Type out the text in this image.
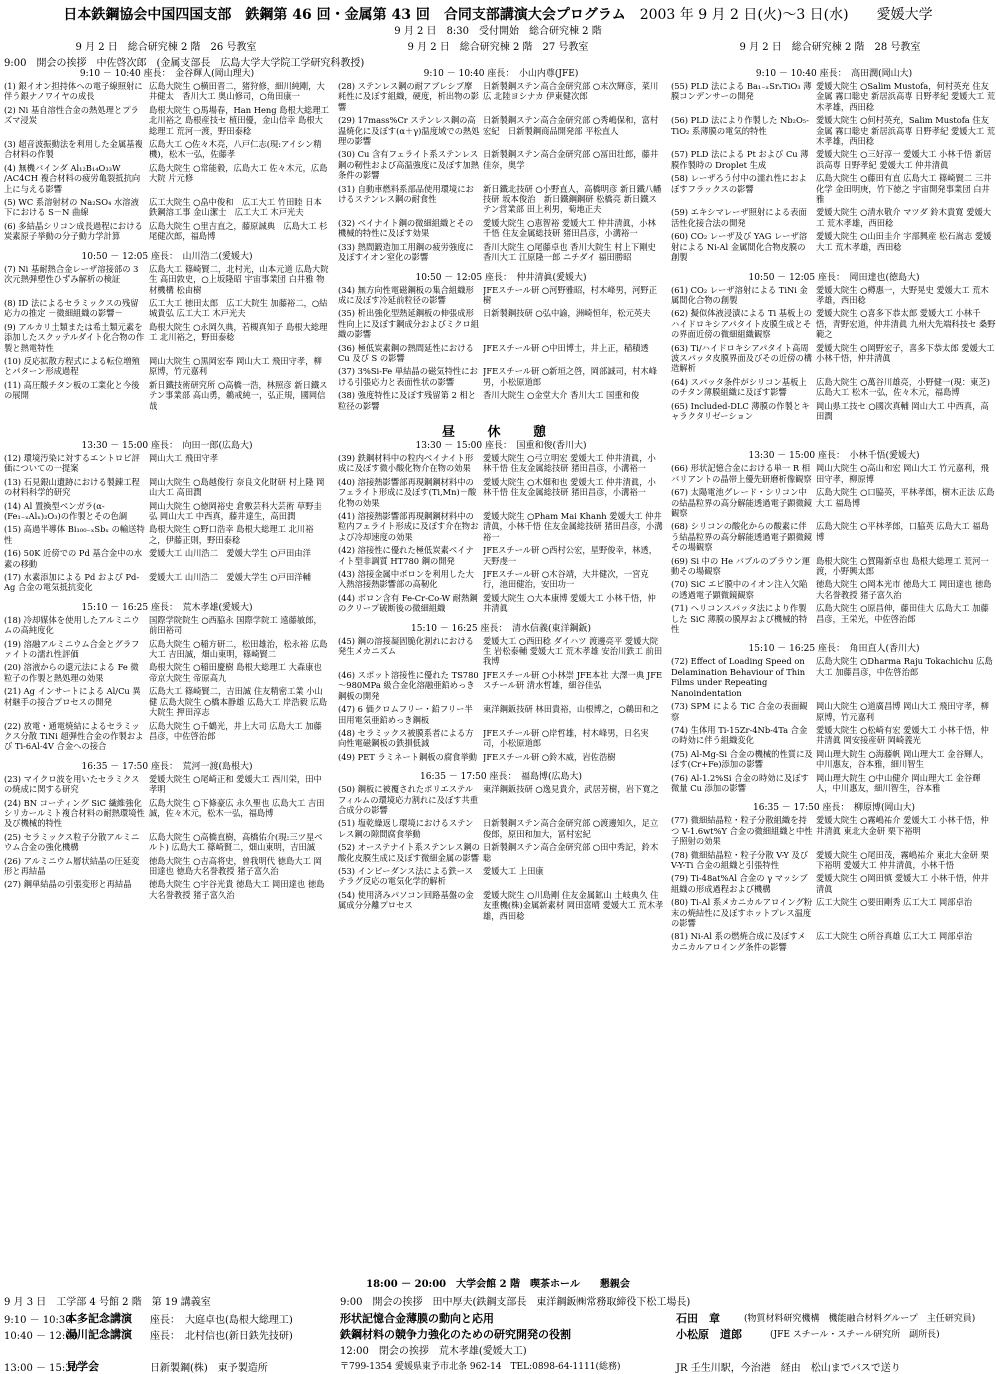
日本鉄鋼協会中国四国支部　鉄鋼第 46 回・金属第 43 回　合同支部講演大会プログラム　 2003 年 9 月 2 日(火)～3 日(水)　　愛媛大学
9 月 2 日　8:30　受付開始　総合研究棟 2 階
9 月 2 日　総合研究棟 2 階　26 号教室	9 月 2 日　総合研究棟 2 階　27 号教室	9 月 2 日　総合研究棟 2 階　28 号教室
9:00　開会の挨拶　中佐啓次郎　(金属支部長　広島大学大学院工学研究科教授)
9:10 － 10:40 座長：　金谷輝人(岡山理大)
(1) 銀イオン担持体への電子線照射に伴う銀ナノワイヤの成長
広島大院生 ○横田晋二，猪狩修，細川純剛，大井健太　香川大工 奥山修司，○角田康一
(2) Ni 基自溶性合金の熱処理とプラズマ浸炭
島根大院生 ○馬場春，Han Heng 島根大総理工 北川裕之 島根産技セ 植田優，金山信幸 島根大総理工 荒河一渡，野田泰稔
(3) 超音波振動法を利用した金属基複合材料の作製
広島大工 ○佐々木亮，八戸仁志(現:アイシン精機)，松木一弘，佐藤孝
(4) 無機バインダ Al₁₂B₁₄O₃₃W /AC4CH 複合材料の疲労亀裂抵抗向上に与える影響
広島大院生 ○常能毅，広島大工 佐々木元，広島大院 片元修
(5) WC 系溶射材の Na₂SO₄ 水溶液下における S－N 曲線
広工大院生 ○畠中俊和　広工大工 竹田睦 日本鉄鋼溶工事 金山潔士　広工大工 木戸光夫
(6) 多結晶シリコン成長過程における炭素原子挙動の分子動力学計算
広島大院生 ○里吉直之，藤原誠典　広島大工 杉尾健次郎，福島博
10:50 － 12:05 座長：　山川浩二(愛媛大)
(7) Ni 基耐熱合金レーザ溶接部の 3 次元熱弾塑性ひずみ解析の検証
広島大工 篠崎賢二，北村光，山本元道 広島大院生 高田敦史，○上坂隆昭 宇宙事業団 白井雅 物材機構 松由樹
(8) ID 法によるセラミックスの残留応力の推定 －微細組織の影響－
広工大工 徳田太郎　広工大院生 加藤裕二，○結城貴弘 広工大工 木戸光夫
(9) アルカリ土類または希土類元素を添加したスクッテルダイト化合物の作製と熱電特性
島根大院生 ○永岡久典，若槻真知子 島根大総理工 北川裕之，野田泰稔
(10) 反応拡散方程式による転位増殖とパターン形成過程
岡山大院生 ○黒岡宏奉 岡山大工 飛田守孝，柳原博，竹元嘉利
(11) 高圧酸チタン板の工業化と今後の展開
新日鐵技術研究所 ○高橋一浩，林照彦 新日鐵ステン事業部 高山勇，鵜戒純一，弘正規，國岡信哉
13:30 － 15:00 座長：　向田一郎(広島大)
(12) 環境汚染に対するエントロピ評価についての一提案
岡山大工 飛田守孝
(13) 石見銀山遺跡における製錬工程の材料科学的研究
岡山大院生 ○島越俊行 奈良文化財研 村上隆 岡山大工 高田潤
(14) Al 置換型ベンガラ(α-(Fe₁₋ₓAlₓ)₂O₃)の作製とその色調
岡山大院生 ○徳岡裕史 倉敷芸科大芸術 草野圭弘 岡山大工 中西真，藤井達生，高田潤
(15) 高過半導体 Bi₁₀₀₋ₓSbₓ の輸送特性
島根大院生 ○野口浩幸 島根大総理工 北川裕之，伊藤正則，野田泰稔
(16) 50K 近傍での Pd 基合金中の水素の移動
愛媛大工 山川浩二　愛媛大学生 ○戸田由洋
(17) 水素添加による Pd および Pd-Ag 合金の電気抵抗変化
愛媛大工 山川浩二　愛媛大学生 ○戸田洋輔
15:10 － 16:25 座長：　荒木孝雄(愛媛大)
(18) 冷却媒体を使用したアルミニウムの高純度化
国際学院院生 ○西脇永 国際学院工 遠藤敏郎，前田裕司
(19) 溶融アルミニウム合金とグラファイトの濡れ性評価
広島大院生 ○稲方研二，松田雄治，松永裕 広島大工 吉田誠，畑山東明，篠崎賢二
(20) 溶液からの還元法による Fe 微粒子の作製と熱処理の効果
島根大院生 ○稲田慶樹 島根大総理工 大森康也 帝京大院生 帝原高九
(21) Ag インサートによる Al/Cu 異材継手の接合プロセスの開発
広島大工 篠崎賢二，吉田誠 住友精密工業 小山健 広島大院生 ○橋本静雄 広島大工 岸浩毅 広島大院生 押田淳志
(22) 放電・通電焼結によるセラミックス分散 TiNi 超弾性合金の作製および Ti-6Al-4V 合金への接合
広島大院生 ○千鶴光，井上大司 広島大工 加藤昌彦，中佐啓治郎
16:35 － 17:50 座長：　荒河一渡(島根大)
(23) マイクロ波を用いたセラミクスの焼成に関する研究
愛媛大院生 ○尾崎正和 愛媛大工 西川栄，田中孝明
(24) BN コーティング SiC 繊維強化シリカールミト複合材料の耐熱環境性及び機械的特性
広島大院生 ○下條豪広 永久聖也 広島大工 吉田誠，佐々木元，松木一弘，福島博
(25) セラミックス粒子分散アルミニウム合金の強化機構
広島大院生 ○高橋直樹，高橋佑介(現:三ツ星ベルト) 広島大工 篠崎賢二，畑山東明，吉田誠
(26) アルミニウム層状結晶の圧延変形と再結晶
徳島大院生 ○吉高将史，曽我明代 徳島大工 岡田達也 徳島大名誉教授 猪子富久治
(27) 鋼単結晶の引張変形と再結晶	徳島大院生 ○宇谷光貴 徳島大工 岡田達也 徳島大名誉教授 猪子富久治
9:10 － 10:40 座長：　小山内尊(JFE)
(28) ステンレス鋼の耐アブレシブ摩耗性に及ぼす組織，硬度，析出物の影響
日新製鋼ステン高合金研究部 ○末次輝彦，菜川広 北陸ヨシナカ 伊東健次郎
(29) 17mass%Cr ステンレス鋼の高温焼化に及ぼす(α＋γ)温度域での熱処理の影響
日新製鋼ステン高合金研究部 ○秀嶋保和，富村宏紀　日新製鋼商品開発部 平松直人
(30) Cu 含有フェライト系ステンレス鋼の靭性および高温強度に及ぼす加熱条件の影響
日新製鋼ステン高合金研究部 ○冨田壮郎，藤井佳奈，奥学
(31) 自動車燃料系部品使用環境におけるステンレス鋼の耐食性
新日鐵北技研 ○小野直人，高橋明彦 新日鐵八幡技研 坂本俊治　新日鐵鋼鋼研 松橋亮 新日鐵ステン営業部 田上利男，菊地正夫
(32) ベイナイト鋼の微細組織とその機械的特性に及ぼす効果
愛媛大院生 ○恵智裕 愛媛大工 仲井清眞，小林千悟 住友金属総技研 猪田昌彦，小溝裕一
(33) 熱間鍛造加工用鋼の疲労強度に及ぼすイオン窒化の影響
香川大院生 ○尾藤卓也 香川大院生 村上下剛史 香川大工 江原隆一郎 ニチダイ 福田勝昭
10:50 － 12:05 座長：　仲井清眞(愛媛大)
(34) 無方向性電磁鋼板の集合組織形成に及ぼす冷延前粒径の影響
JFEスチール研 ○河野雅昭，村木峰男，河野正樹
(35) 析出強化型熱延鋼板の伸張成形性向上に及ぼす鋼成分およびミクロ組織の影響
日新製鋼技研 ○弘中諭，洲崎恒年，松元英夫
(36) 極低炭素鋼の熱間延性における Cu 及び S の影響
JFEスチール研 ○中田博士，井上正，稲積透
(37) 3%Si-Fe 単結晶の磁気特性における引張応力と表面性状の影響
JFEスチール研 ○新垣之啓，岡部誠司，村木峰男，小松原道郎
(38) 強度特性に及ぼす残留第 2 相と粒径の影響
香川大院生 ○金堂大介 香川大工 国重和俊
昼 休 憩
13:30 － 15:00 座長：　国重和俊(香川大)
(39) 鉄鋼材料中の粒内ベイナイト形成に及ぼす微小酸化物介在物の効果
愛媛大院生 ○弓立明宏 愛媛大工 仲井清眞，小林千悟 住友金属総技研 猪田昌彦，小溝裕一
(40) 溶接熱影響部再現鋼鋼材料中のフェライト形成に及ぼす(Ti,Mn)－酸化物の効果
愛媛大院生 ○木畑和也 愛媛大工 仲井清眞，小林千悟 住友金属総技研 猪田昌彦，小溝裕一
(41) 溶接熱影響部再現鋼鋼材料中の粒内フェライト形成に及ぼす介在物および冷却速度の効果
愛媛大院生 ○Pham Mai Khanh 愛媛大工 仲井清眞，小林千悟 住友金属総技研 猪田昌彦，小溝裕一
(42) 溶接性に優れた極低炭素ベイナイト型非調質 HT780 鋼の開発
JFEスチール研 ○西村公宏，星野俊幸，林透，天野虔一
(43) 溶接金属中ボロンを利用した大入熱溶接熱影響部の高靭化
JFEスチール研 ○木谷靖，大井健次，一宮克行，池田健治，安田功一
(44) ボロン含有 Fe-Cr-Co-W 耐熱鋼のクリープ破断後の微細組織
愛媛大院生 ○大本康博 愛媛大工 小林千悟，仲井清眞
15:10 － 16:25 座長：　清水信義(東洋鋼鈑)
(45) 鋼の溶接凝固脆化割れにおける発生メカニズム
愛媛大工 ○西田稔 ダイハツ 渡邊亮平 愛媛大院生 岩松泰輔 愛媛大工 荒木孝雄 安治川鉄工 前田我博
(46) スポット溶接性に優れた TS780～980MPa 級合金化溶融亜鉛めっき鋼板の開発
JFEスチール研 ○小林崇 JFE本社 大澤一典 JFEスチール研 清水哲雄，細谷佳弘
(47) 6 価クロムフリー・鉛フリー半田用電気亜鉛めっき鋼板
東洋鋼鈑技研 林田貴裕，山根博之，○鵜田和之
(48) セラミックス被膜系者による方向性電磁鋼板の鉄損低減
JFEスチール研 ○岸哲雄，村木峰男，日名実司，小松原道郎
(49) PET ラミネート鋼板の腐食挙動 JFEスチール研 ○鈴木威，岩佐浩樹
16:35 － 17:50 座長：　福島博(広島大)
(50) 鋼板に被覆されたポリエステルフィルムの環境応力割れに及ぼす共重合成分の影響
東洋鋼鈑技研 ○逸見貴介，武居芳樹，岩下寛之
(51) 塩乾繰返し環境におけるステンレス鋼の隙間腐食挙動
日新製鋼ステン高合金研究部 ○渡邊知久，足立俊郎，原田和加大，冨村宏紀
(52) オーステナイト系ステンレス鋼の酸化皮膜生成に及ぼす微細金属の影響
日新製鋼ステン高合金研究部 ○田中秀記，鈴木聡
(53) インピーダンス法による鉄ーステラグ反応の電気化学的解析
愛媛大工 上田康
(54) 使用済みパソコン回路基盤の金属成分分離プロセス
愛媛大院生 ○川島剛 住友金属鉱山 土岐典久 住友重機(株)金属新素材 岡田富晴 愛媛大工 荒木孝雄，西田稔
9:10 － 10:40 座長：　高田潤(岡山大)
(55) PLD 法による Ba₁₋ₓSrₓTiO₃ 薄膜コンデンサーの開発
愛媛大院生 ○Salim Mustofa，何村英充 住友金属 霧口聡史 新居浜高専 日野孝紀 愛媛大工 荒木孝雄，西田稔
(56) PLD 法により作製した Nb₂O₅-TiO₂ 系薄膜の電気的特性
愛媛大院生 ○何村英充，Salim Mustofa 住友金属 霧口聡史 新居浜高専 日野孝紀 愛媛大工 荒木孝雄，西田稔
(57) PLD 法による Pt および Cu 薄膜作製時の Droplet 生成
愛媛大院生 ○三好淳一 愛媛大工 小林千悟 新居浜高専 日野孝紀 愛媛大工 仲井清眞
(58) レーザろう付中の濡れ性におよぼすフラックスの影響
広島大院生 ○藤田有直 広島大工 篠崎賢二 三井化学 金田明庚，竹下徳之 宇宙開発事業団 白井雅
(59) エキシマレーザ照射による表面活性化接合法の開発
愛媛大院生 ○清水敬介 マツダ 鈴木貴寛 愛媛大工 荒木孝雄，西田稔
(60) CO₂ レーザ及び YAG レーザ溶射による Ni-Al 金属間化合物皮膜の創製
愛媛大院生 ○山田圭介 宇部興産 松石嵩志 愛媛大工 荒木孝雄，西田稔
10:50 － 12:05 座長：　岡田達也(徳島大)
(61) CO₂ レーザ溶射による TiNi 金属間化合物の創製
愛媛大院生 ○樽惠一，大野晃史 愛媛大工 荒木孝雄，西田稔
(62) 擬似体液浸漬による Ti 基板上のハイドロキシアパタイト皮膜生成とその界面近傍の微細組織観察
愛媛大院生 ○喜多下恭太郎 愛媛大工 小林千悟，青野宏道，仲井清眞 九州大先端科技セ 桑野範之
(63) Ti/ハイドロキシアパタイト高周波スパッタ皮膜界面及びその近傍の構造解析
愛媛大院生 ○岡野宏子，喜多下恭太郎 愛媛大工 小林千悟，仲井清眞
(64) スパッタ条件がシリコン基板上のチタン薄膜組織に及ぼす影響
広島大院生 ○萬谷川雄亮，小野健一(現：東芝) 広島大工 松木一弘，佐々木元，福島博
(65) Included-DLC 薄膜の作製とキャラクタリゼーション
岡山県工技セ ○國次真輔 岡山大工 中西真，高田潤
13:30 － 15:00 座長：　小林千悟(愛媛大)
(66) 形状記憶合金における単一 R 相バリアントの晶帯上優先研磨析像観察
岡山大院生 ○高山和宏 岡山大工 竹元嘉利，飛田守孝，柳原博
(67) 太陽電池グレード・シリコン中の結晶粒界の高分解能透過電子顕微鏡観察
広島大院生 ○口脇英，平林孝郎，樹木正法 広島大工 福島博
(68) シリコンの酸化からの酸素に伴う結晶粒界の高分解能透過電子顕微鏡その場観察
広島大院生 ○平林孝郎，口脇英 広島大工 福島博
(69) Si 中の He バブルのブラウン運動その場観察
島根大院生 ○賀陽新卓也 島根大総理工 荒河一渡，小野興太郎
(70) SiC エピ膜中のイオン注入欠陥の透過電子顕微鏡観察
徳島大院生 ○岡本光市 徳島大工 岡田達也 徳島大名誉教授 猪子富久治
(71) ヘリコンスパッタ法により作製した SiC 薄膜の膜厚および機械的特性
広島大院生 ○原昌伸，藤田佳大 広島大工 加藤昌彦，王栄光，中佐啓治郎
15:10 － 16:25 座長：　角田直人(香川大)
(72) Effect of Loading Speed on Delamination Behaviour of Thin Films under Repeating Nanoindentation
広島大院生 ○Dharma Raju Tokachichu 広島大工 加藤昌彦，中佐啓治郎
(73) SPM による TiC 合金の表面観察
岡山大院生 ○道廣昌博 岡山大工 飛田守孝，柳原博，竹元嘉利
(74) 生体用 Ti-15Zr-4Nb-4Ta 合金の時効に伴う組織変化
愛媛大院生 ○松崎有宏 愛媛大工 小林千悟，仲井清眞 岡安接産研 岡崎義光
(75) Al-Mg-Si 合金の機械的性質に及ぼす(Cr+Fe)添加の影響
岡山理大院生 ○海藤帆 岡山理大工 金谷輝人，中川惠友，谷本雅，細川智生
(76) Al-1.2%Si 合金の時効に及ぼす微量 Cu 添加の影響
岡山理大院生 ○中山健介 岡山理大工 金谷輝人，中川惠友，細川智生，谷本雅
16:35 － 17:50 座長：　柳原博(岡山大)
(77) 微細結晶粒・粒子分散組織を持つ V-1.6wt%Y 合金の微細組織と中性子照射の効果
愛媛大院生 ○霧嶋祐介 愛媛大工 小林千悟，仲井清眞 東北大金研 栗下裕明
(78) 微細結晶粒・粒子分散 V-Y 及び V-Y-Ti 合金の組織と引張特性
愛媛大院生 ○尾田茂，霧嶋祐介 東北大金研 栗下裕明 愛媛大工 仲井清眞，小林千悟
(79) Ti-48at%Al 合金の γ マッシブ組織の形成過程および機構
愛媛大院生 ○岡田慎 愛媛大工 小林千悟，仲井清眞
(80) Ti-Al 系メカニカルアロイング粉末の焼結性に及ぼすホットプレス温度の影響
広工大院生 ○要田剛秀 広工大工 岡部卓治
(81) Ni-Al 系の燃焼合成に及ぼすメカニカルアロイング条件の影響
広工大院生 ○所谷真雄 広工大工 岡部卓治
18:00 － 20:00　大学会館 2 階　喫茶ホール　　懇親会
9 月 3 日　工学部 4 号館 2 階　第 19 講義室	9:00　開会の挨拶　田中厚夫(鉄鋼支部長　東洋鋼鈑㈱常務取締役下松工場長)
9:10 － 10:30
本多記念講演 座長：　大庭卓也(島根大総理工)	形状記憶合金薄膜の動向と応用	石田　章	(物質材料研究機構　機能融合材料グループ　主任研究員)
10:40 － 12:00
湯川記念講演 座長：　北村信也(新日鉄先技研)	鉄鋼材料の競争力強化のための研究開発の役割	小松原　道郎	(JFE スチール・スチール研究所　副所長)
12:00　閉会の挨拶　荒木孝雄(愛媛大工)
13:00 － 15:30
見学会	日新製鋼(株)　東予製造所	〒799-1354 愛媛県東予市北条 962-14　TEL:0898-64-1111(総務)	JR 壬生川駅，今治港　経由　松山までバスで送り
